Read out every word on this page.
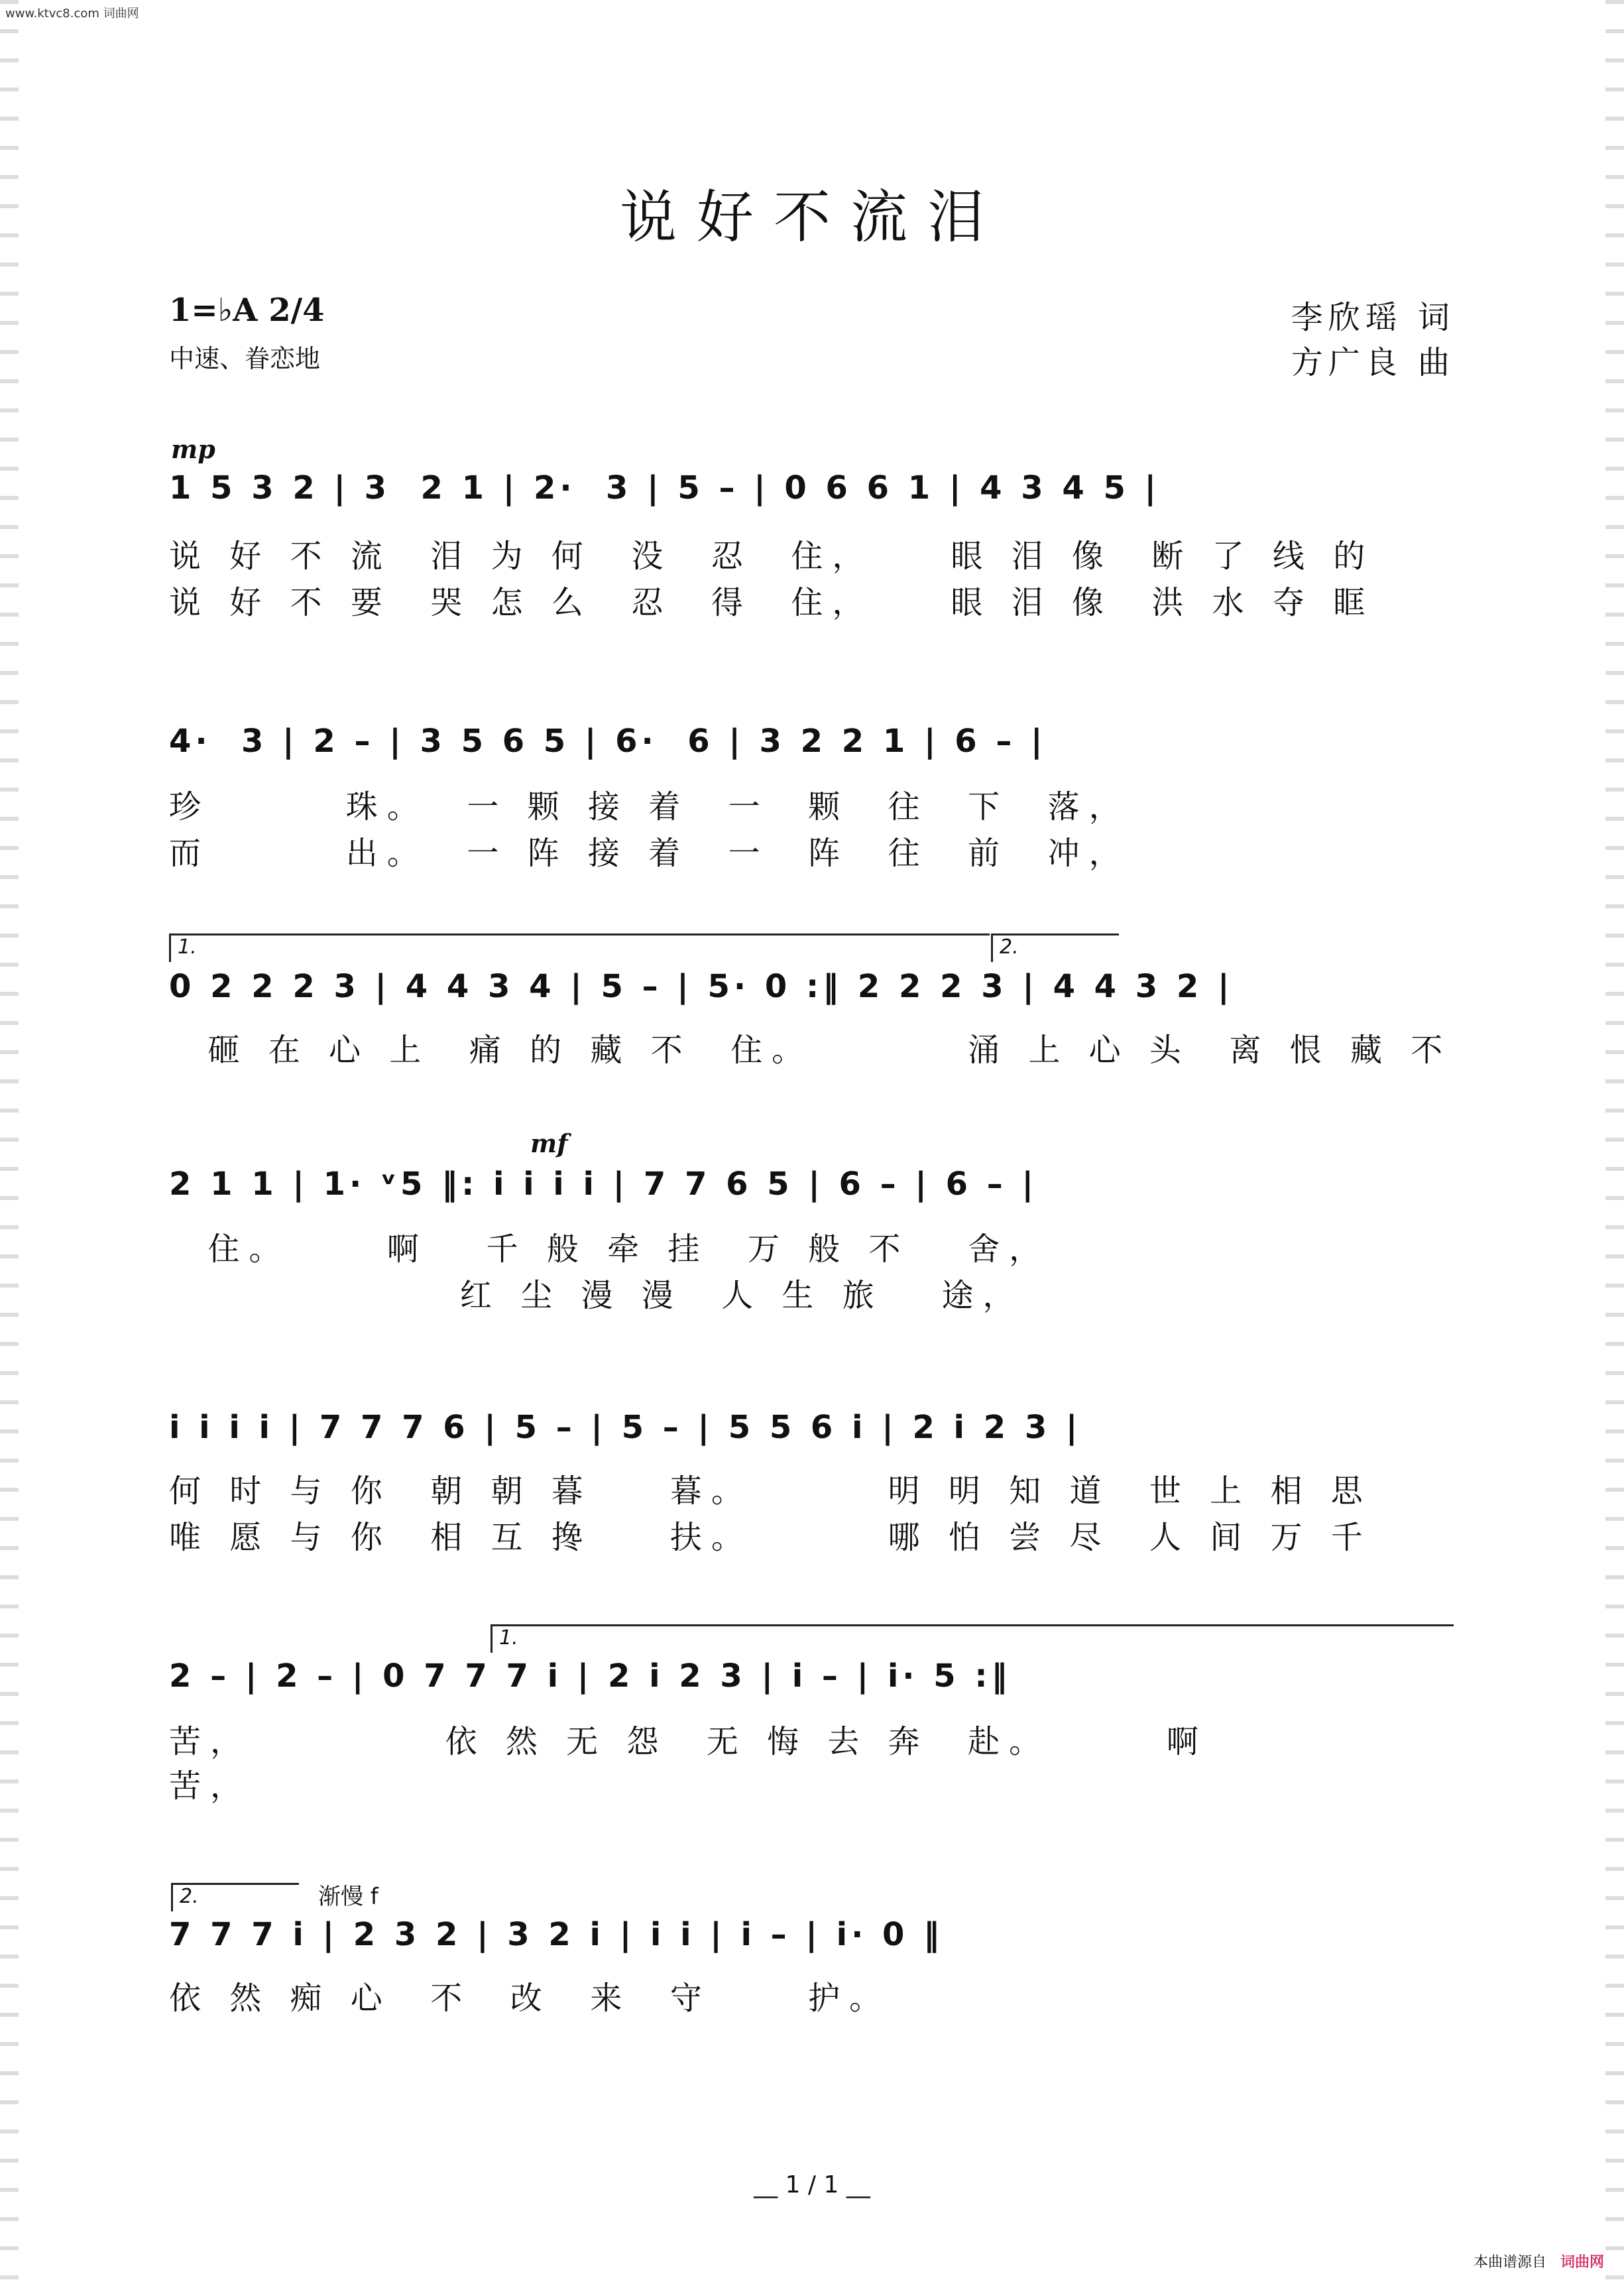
www.ktvc8.com 词曲网
说好不流泪
1=♭A 2/4
中速、眷恋地
李欣瑶 词
方广良 曲
mp
1 5 3 2 | 3  2 1 | 2·  3 | 5 – | 0 6 6 1 | 4 3 4 5 |
说 好 不 流  泪 为 何  没  忍  住，    眼 泪 像  断 了 线 的
说 好 不 要  哭 怎 么  忍  得  住，    眼 泪 像  洪 水 夺 眶
4·  3 | 2 – | 3 5 6 5 | 6·  6 | 3 2 2 1 | 6 – |
珍       珠。  一 颗 接 着  一  颗  往  下  落，
而       出。  一 阵 接 着  一  阵  往  前  冲，
1.	2.
0 2 2 2 3 | 4 4 3 4 | 5 – | 5· 0 :‖ 2 2 2 3 | 4 4 3 2 |
砸 在 心 上  痛 的 藏 不  住。        涌 上 心 头  离 恨 藏 不
mf
2 1 1 | 1· ᵛ5 ‖: i i i i | 7 7 6 5 | 6 – | 6 – |
住。     啊   千 般 牵 挂  万 般 不   舍，
红 尘 漫 漫  人 生 旅   途，
i i i i | 7 7 7 6 | 5 – | 5 – | 5 5 6 i | 2 i 2 3 |
何 时 与 你  朝 朝 暮    暮。       明 明 知 道  世 上 相 思
唯 愿 与 你  相 互 搀    扶。       哪 怕 尝 尽  人 间 万 千
1.
2 – | 2 – | 0 7 7 7 i | 2 i 2 3 | i – | i· 5 :‖
苦，          依 然 无 怨  无 悔 去 奔  赴。      啊
苦，
2.	渐慢 f
7 7 7 i | 2 3 2 | 3 2 i | i i | i – | i· 0 ‖
依 然 痴 心  不  改  来  守     护。
__ 1 / 1 __
本曲谱源自 词曲网
